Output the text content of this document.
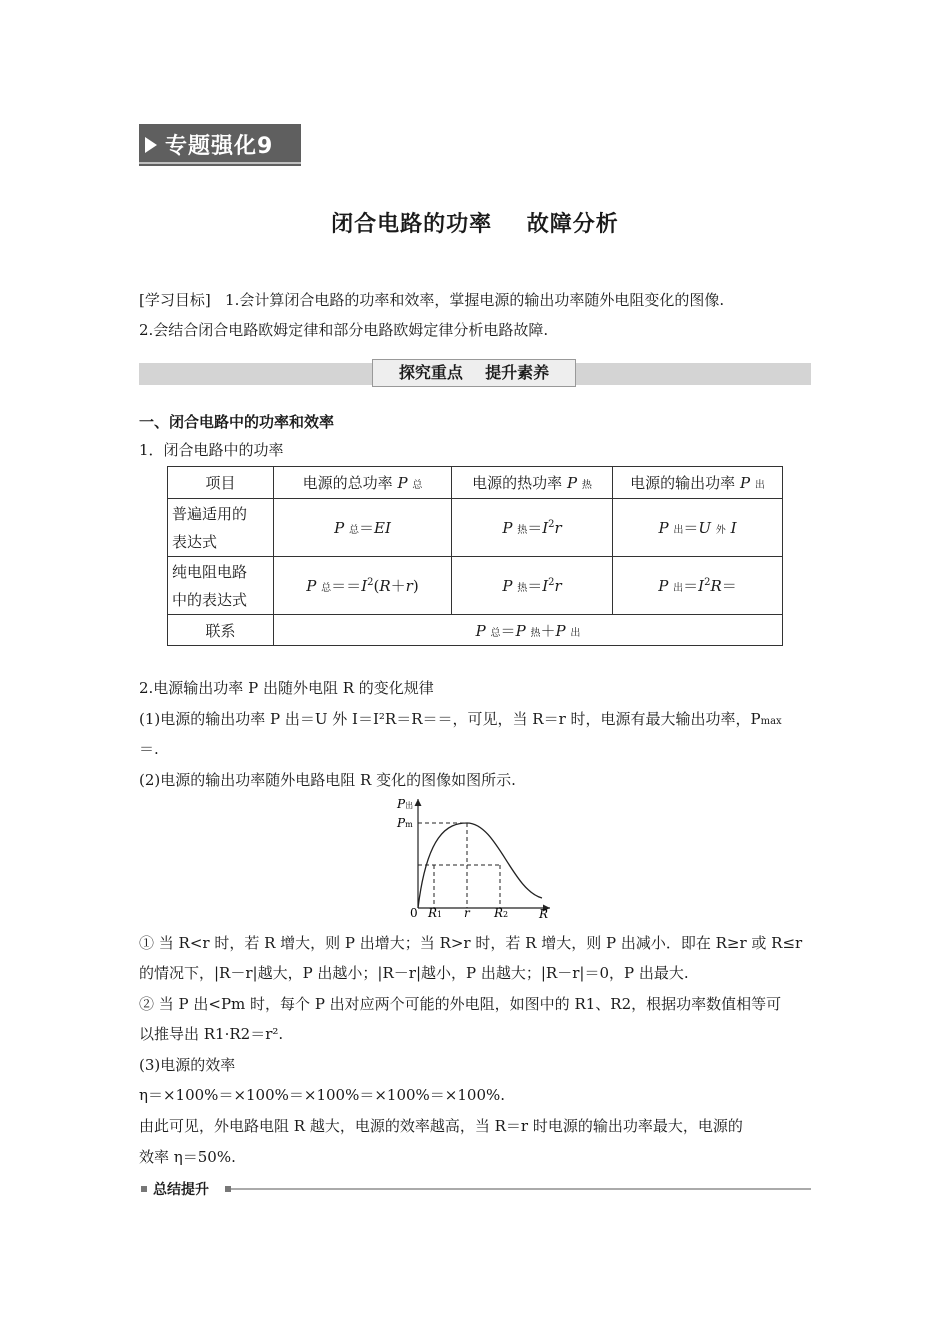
专题强化9
闭合电路的功率    故障分析
[学习目标] 1.会计算闭合电路的功率和效率，掌握电源的输出功率随外电阻变化的图像.
2.会结合闭合电路欧姆定律和部分电路欧姆定律分析电路故障.
探究重点    提升素养
一、闭合电路中的功率和效率
1．闭合电路中的功率
项目	电源的总功率 P 总	电源的热功率 P 热	电源的输出功率 P 出
普遍适用的
表达式	P 总＝EI	P 热$=I^2r$	P 出＝U 外 I
纯电阻电路
中的表达式	P 总$==I^2(R+r)$	P 热$=I^2r$	P 出$=I^2R=$
联系	P 总＝P 热＋P 出		
2.电源输出功率 P 出随外电阻 R 的变化规律
(1)电源的输出功率 P 出＝U 外 I＝I²R＝R＝＝，可见，当 R＝r 时，电源有最大输出功率，Pmax
＝.
(2)电源的输出功率随外电路电阻 R 变化的图像如图所示.
P出
Pm
0 R1 r R2	R
① 当 R<r 时，若 R 增大，则 P 出增大；当 R>r 时，若 R 增大，则 P 出减小．即在 R≥r 或 R≤r
的情况下，|R－r|越大，P 出越小；|R－r|越小，P 出越大；|R－r|＝0，P 出最大.
② 当 P 出<Pm 时，每个 P 出对应两个可能的外电阻，如图中的 R1、R2，根据功率数值相等可
以推导出 R1·R2＝r².
(3)电源的效率
η＝×100%＝×100%＝×100%＝×100%＝×100%.
由此可见，外电路电阻 R 越大，电源的效率越高，当 R＝r 时电源的输出功率最大，电源的
效率 η＝50%.
总结提升
